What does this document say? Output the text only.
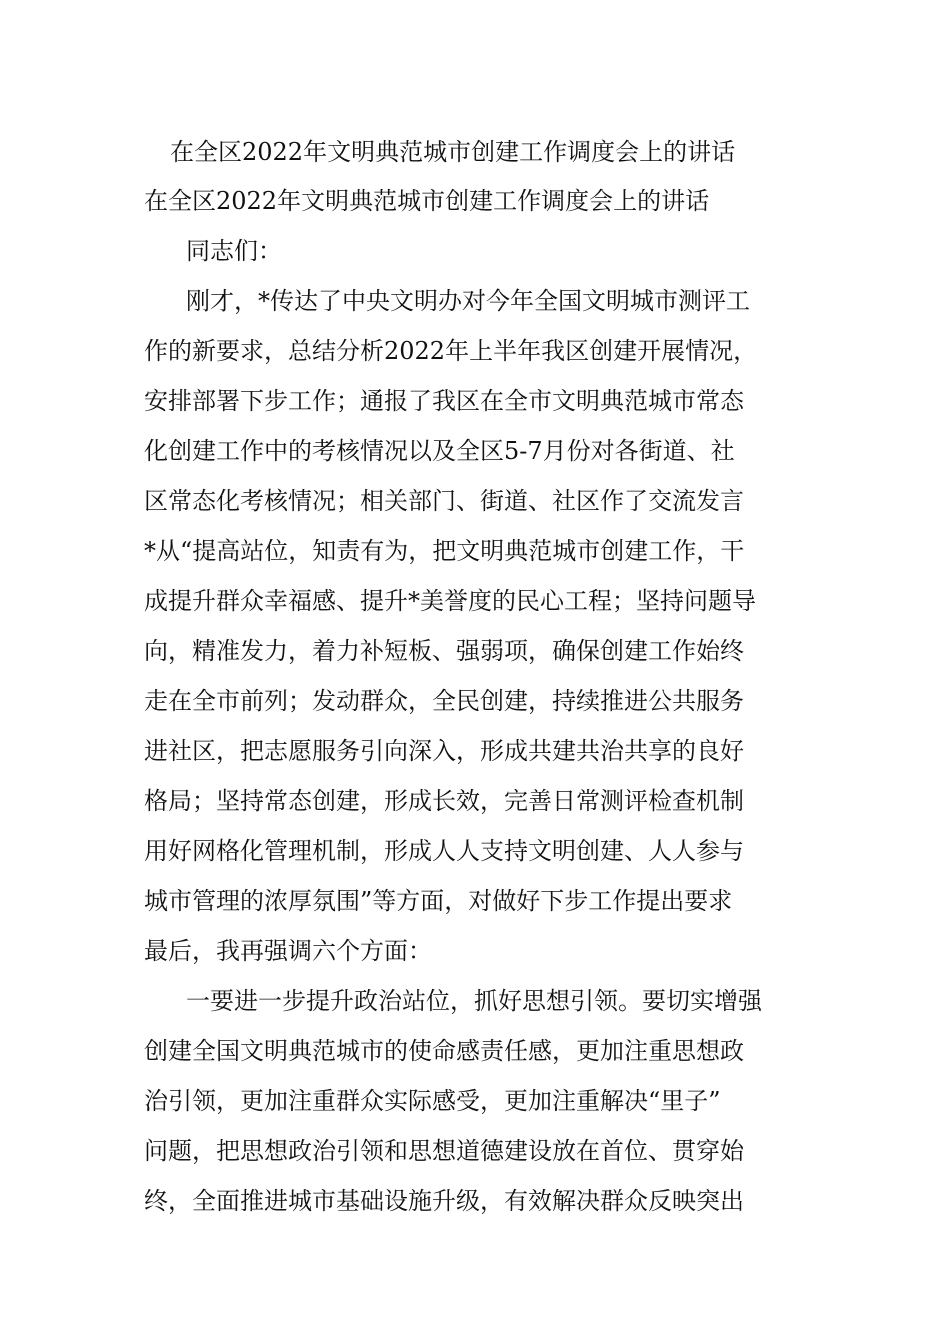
在全区2022年文明典范城市创建工作调度会上的讲话
在全区2022年文明典范城市创建工作调度会上的讲话
同志们：
刚才，*传达了中央文明办对今年全国文明城市测评工
作的新要求，总结分析2022年上半年我区创建开展情况，
安排部署下步工作；通报了我区在全市文明典范城市常态
化创建工作中的考核情况以及全区5-7月份对各街道、社
区常态化考核情况；相关部门、街道、社区作了交流发言
*从“提高站位，知责有为，把文明典范城市创建工作，干
成提升群众幸福感、提升*美誉度的民心工程；坚持问题导
向，精准发力，着力补短板、强弱项，确保创建工作始终
走在全市前列；发动群众，全民创建，持续推进公共服务
进社区，把志愿服务引向深入，形成共建共治共享的良好
格局；坚持常态创建，形成长效，完善日常测评检查机制
用好网格化管理机制，形成人人支持文明创建、人人参与
城市管理的浓厚氛围”等方面，对做好下步工作提出要求
最后，我再强调六个方面：
一要进一步提升政治站位，抓好思想引领。要切实增强
创建全国文明典范城市的使命感责任感，更加注重思想政
治引领，更加注重群众实际感受，更加注重解决“里子”
问题，把思想政治引领和思想道德建设放在首位、贯穿始
终，全面推进城市基础设施升级，有效解决群众反映突出
